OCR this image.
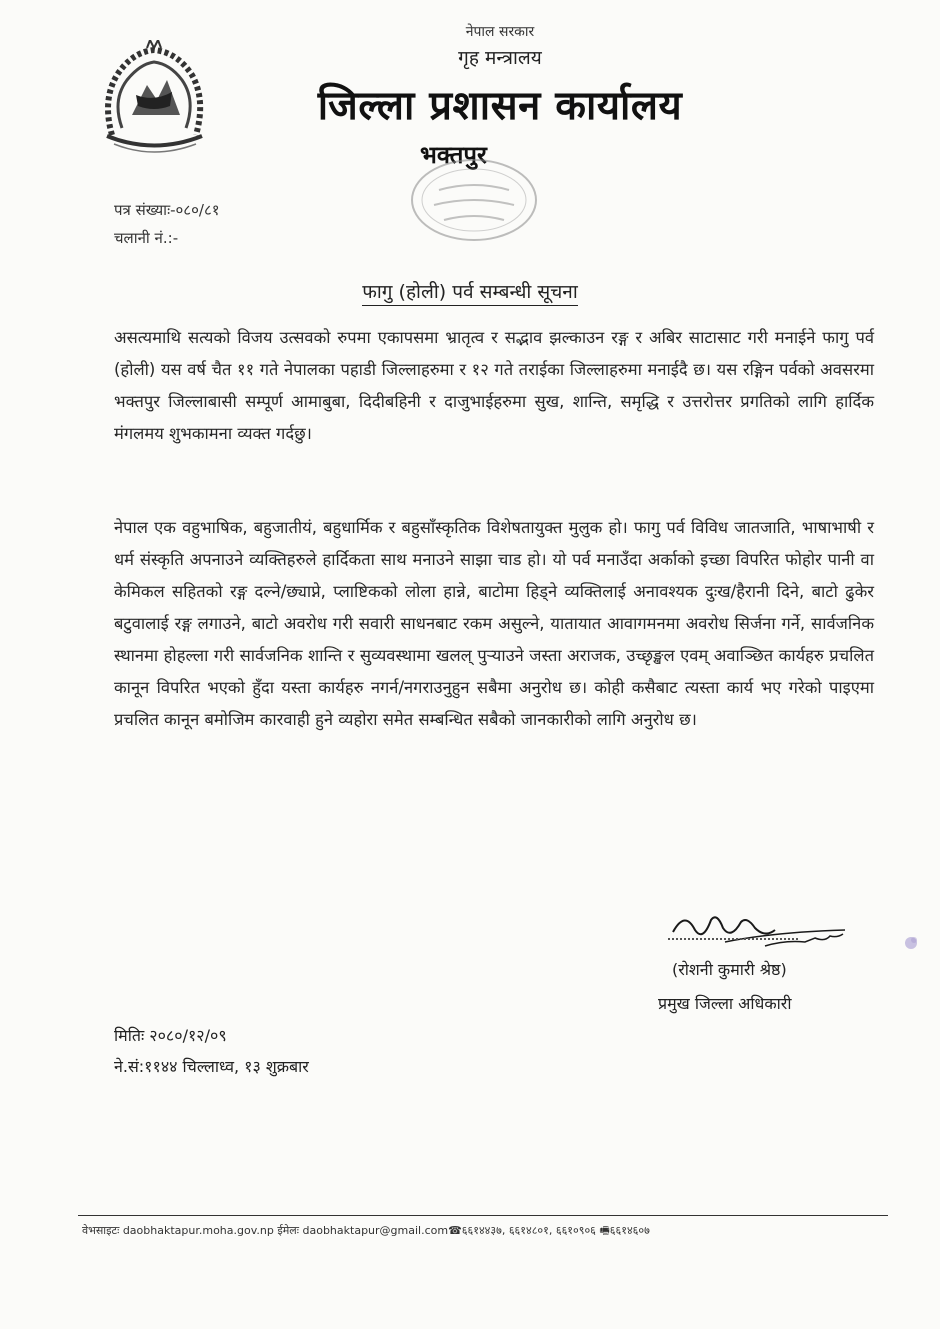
नेपाल सरकार
गृह मन्त्रालय
जिल्ला प्रशासन कार्यालय
भक्तपुर
पत्र संख्याः-०८०/८१
चलानी नं.:-
फागु (होली) पर्व सम्बन्धी सूचना
असत्यमाथि सत्यको विजय उत्सवको रुपमा एकापसमा भ्रातृत्व र सद्भाव झल्काउन रङ्ग र अबिर साटासाट गरी मनाईने फागु पर्व (होली) यस वर्ष चैत ११ गते नेपालका पहाडी जिल्लाहरुमा र १२ गते तराईका जिल्लाहरुमा मनाईदै छ। यस रङ्गिन पर्वको अवसरमा भक्तपुर जिल्लाबासी सम्पूर्ण आमाबुबा, दिदीबहिनी र दाजुभाईहरुमा सुख, शान्ति, समृद्धि र उत्तरोत्तर प्रगतिको लागि हार्दिक मंगलमय शुभकामना व्यक्त गर्दछु।
नेपाल एक वहुभाषिक, बहुजातीयं, बहुधार्मिक र बहुसाँस्कृतिक विशेषतायुक्त मुलुक हो। फागु पर्व विविध जातजाति, भाषाभाषी र धर्म संस्कृति अपनाउने व्यक्तिहरुले हार्दिकता साथ मनाउने साझा चाड हो। यो पर्व मनाउँदा अर्काको इच्छा विपरित फोहोर पानी वा केमिकल सहितको रङ्ग दल्ने/छ्याप्ने, प्लाष्टिकको लोला हान्ने, बाटोमा हिड्ने व्यक्तिलाई अनावश्यक दुःख/हैरानी दिने, बाटो ढुकेर बटुवालाई रङ्ग लगाउने, बाटो अवरोध गरी सवारी साधनबाट रकम असुल्ने, यातायात आवागमनमा अवरोध सिर्जना गर्ने, सार्वजनिक स्थानमा होहल्ला गरी सार्वजनिक शान्ति र सुव्यवस्थामा खलल् पुऱ्याउने जस्ता अराजक, उच्छृङ्खल एवम् अवाञ्छित कार्यहरु प्रचलित कानून विपरित भएको हुँदा यस्ता कार्यहरु नगर्न/नगराउनुहुन सबैमा अनुरोध छ। कोही कसैबाट त्यस्ता कार्य भए गरेको पाइएमा प्रचलित कानून बमोजिम कारवाही हुने व्यहोरा समेत सम्बन्धित सबैको जानकारीको लागि अनुरोध छ।
(रोशनी कुमारी श्रेष्ठ)
प्रमुख जिल्ला अधिकारी
मितिः २०८०/१२/०९
ने.सं:११४४ चिल्लाध्व, १३ शुक्रबार
वेभसाइटः daobhaktapur.moha.gov.np ईमेलः daobhaktapur@gmail.com☎६६१४४३७, ६६१४८०१, ६६१०९०६ 🖷६६१४६०७
